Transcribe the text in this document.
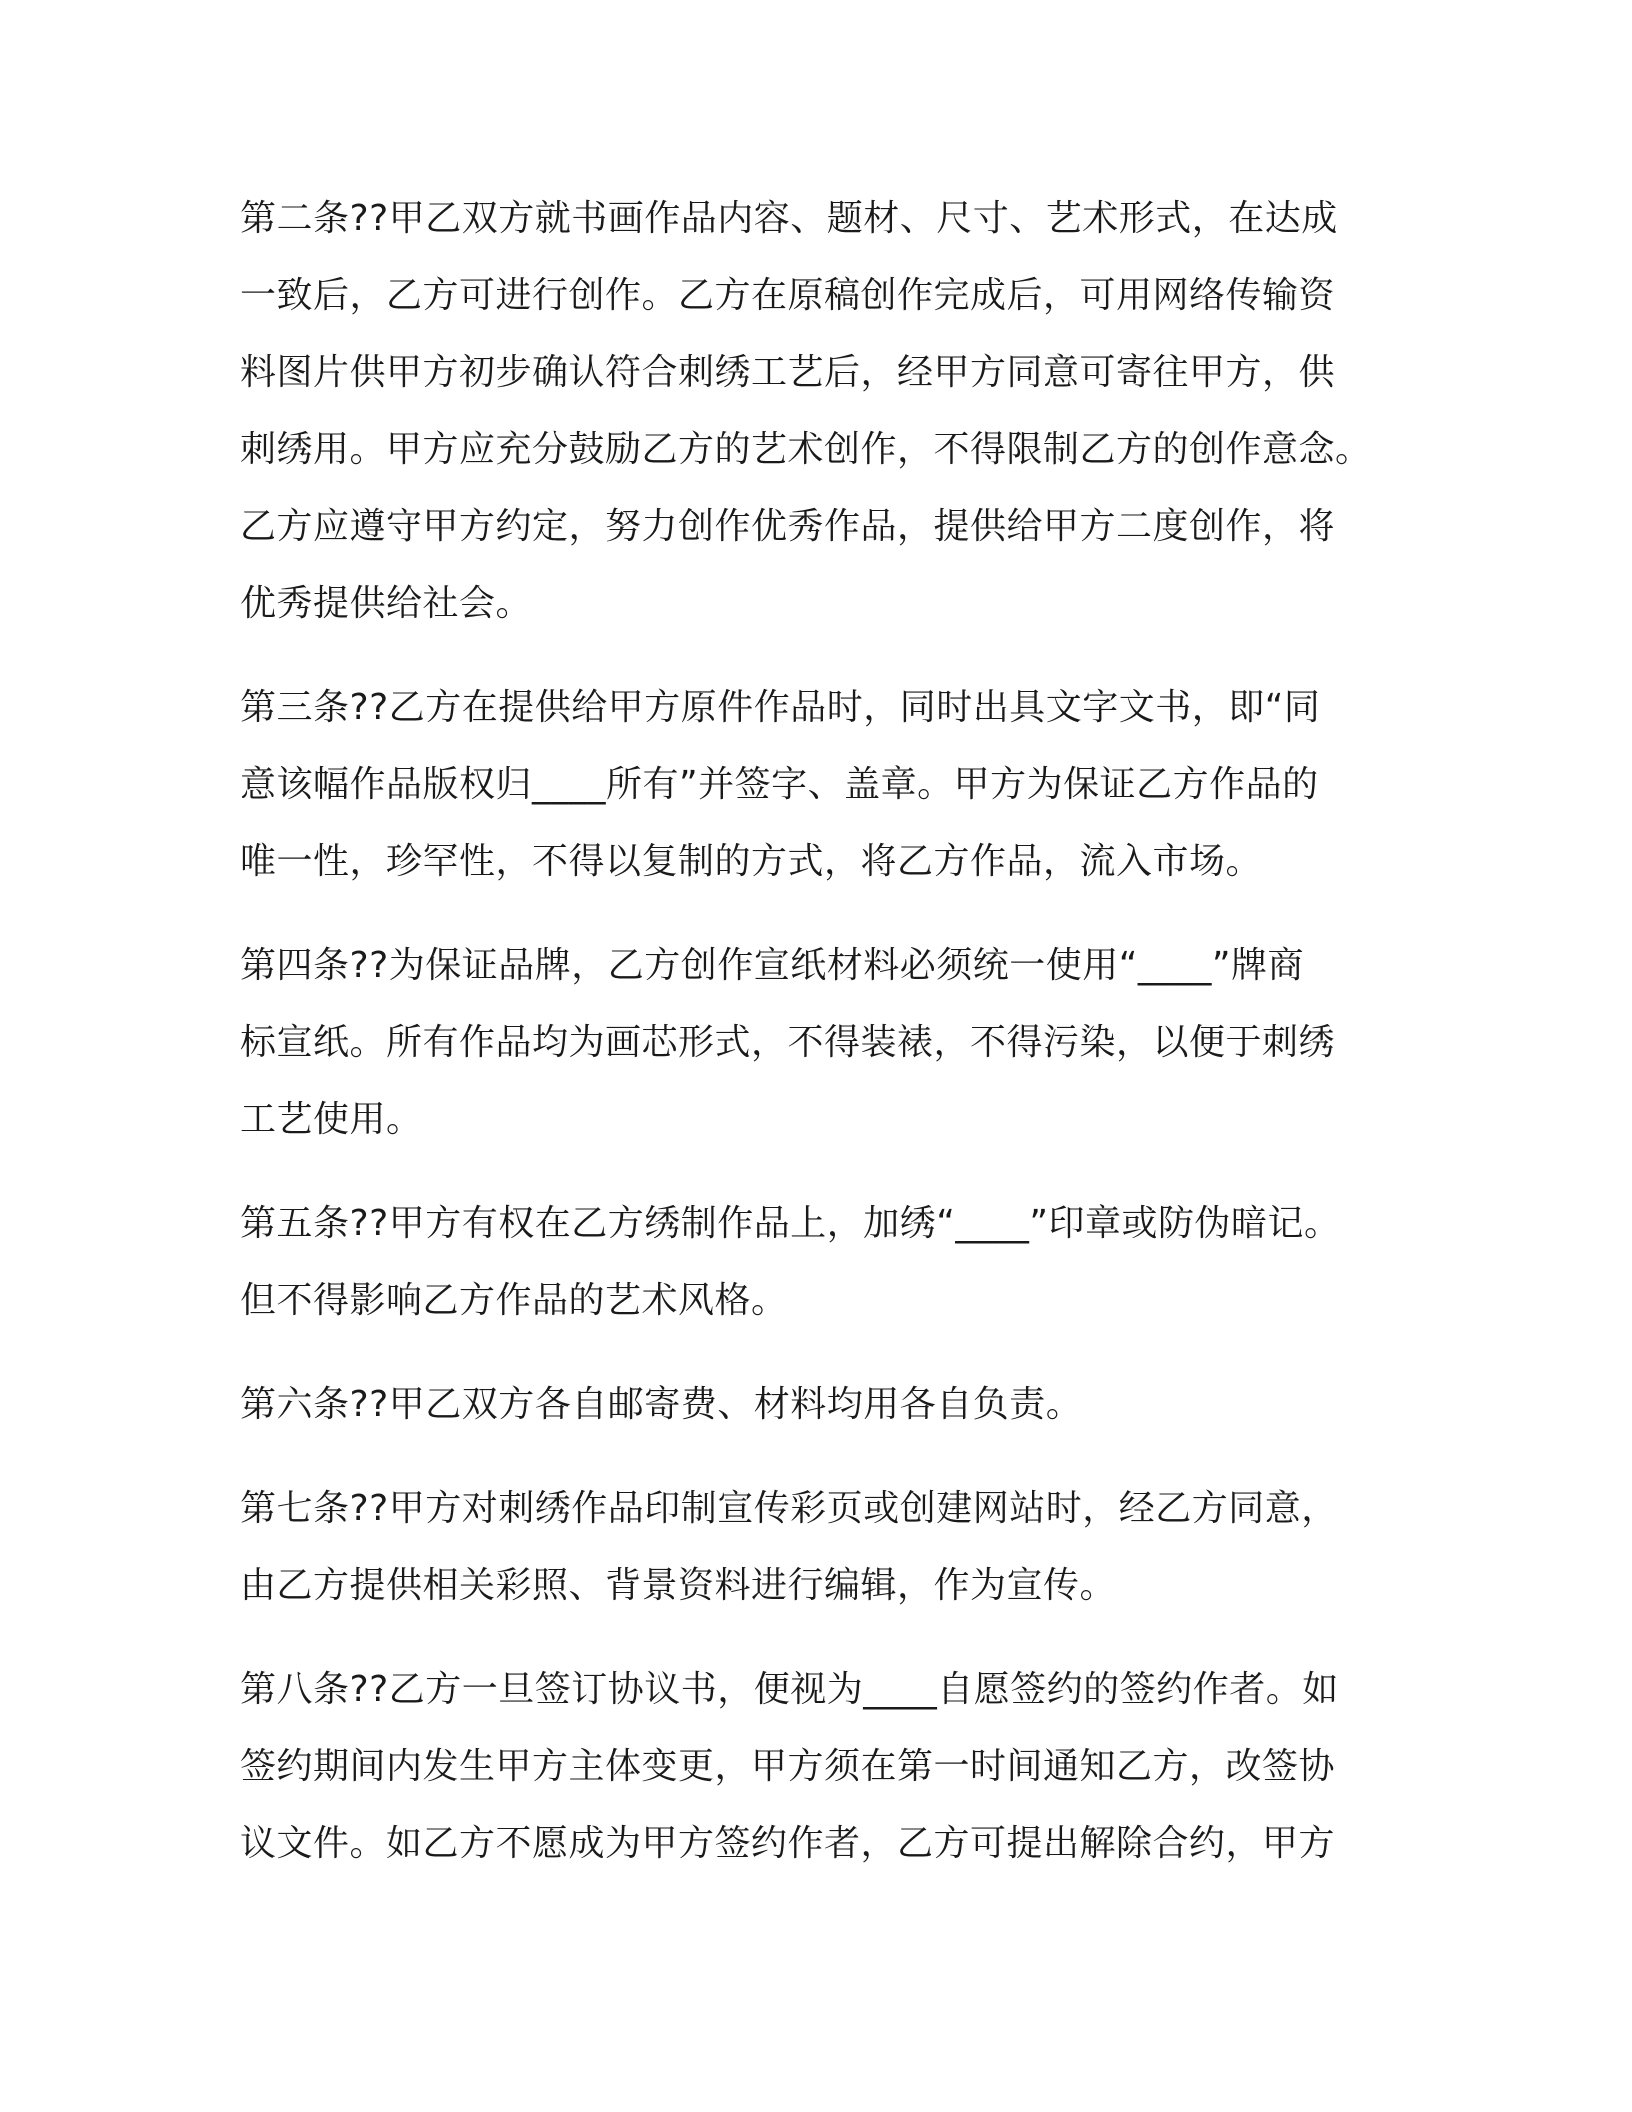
第二条??甲乙双方就书画作品内容、题材、尺寸、艺术形式，在达成
一致后，乙方可进行创作。乙方在原稿创作完成后，可用网络传输资
料图片供甲方初步确认符合刺绣工艺后，经甲方同意可寄往甲方，供
刺绣用。甲方应充分鼓励乙方的艺术创作，不得限制乙方的创作意念。
乙方应遵守甲方约定，努力创作优秀作品，提供给甲方二度创作，将
优秀提供给社会。
第三条??乙方在提供给甲方原件作品时，同时出具文字文书，即“同
意该幅作品版权归____所有”并签字、盖章。甲方为保证乙方作品的
唯一性，珍罕性，不得以复制的方式，将乙方作品，流入市场。
第四条??为保证品牌，乙方创作宣纸材料必须统一使用“____”牌商
标宣纸。所有作品均为画芯形式，不得装裱，不得污染，以便于刺绣
工艺使用。
第五条??甲方有权在乙方绣制作品上，加绣“____”印章或防伪暗记。
但不得影响乙方作品的艺术风格。
第六条??甲乙双方各自邮寄费、材料均用各自负责。
第七条??甲方对刺绣作品印制宣传彩页或创建网站时，经乙方同意，
由乙方提供相关彩照、背景资料进行编辑，作为宣传。
第八条??乙方一旦签订协议书，便视为____自愿签约的签约作者。如
签约期间内发生甲方主体变更，甲方须在第一时间通知乙方，改签协
议文件。如乙方不愿成为甲方签约作者，乙方可提出解除合约，甲方
